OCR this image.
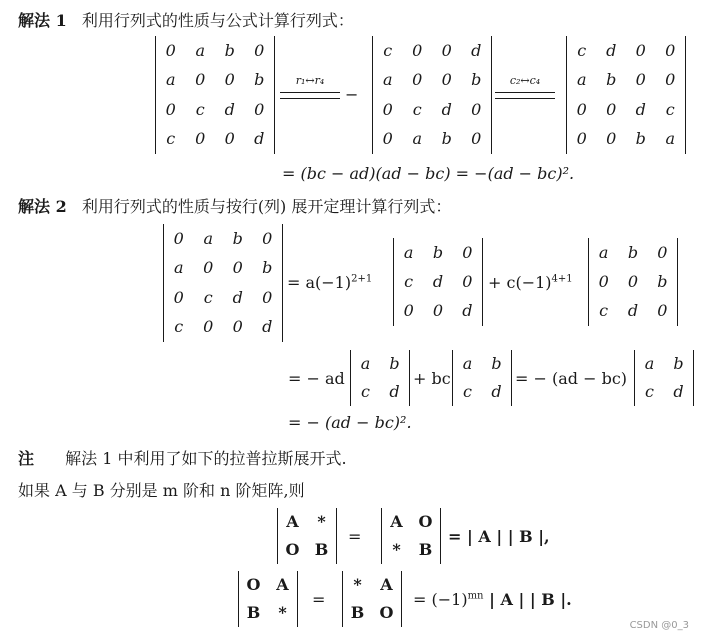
解法 1 利用行列式的性质与公式计算行列式：
0	a	b	0
a	0	0	b
0	c	d	0
c	0	0	d
r₁↔r₄
−
c	0	0	d
a	0	0	b
0	c	d	0
0	a	b	0
c₂↔c₄
c	d	0	0
a	b	0	0
0	0	d	c
0	0	b	a
= (bc − ad)(ad − bc) = −(ad − bc)².
解法 2 利用行列式的性质与按行(列) 展开定理计算行列式：
0	a	b	0
a	0	0	b
0	c	d	0
c	0	0	d
= $a(-1)^{2+1}$
a	b	0
c	d	0
0	0	d
+ $c(-1)^{4+1}$
a	b	0
0	0	b
c	d	0
= − ad
a	b
c	d
+ bc
a	b
c	d
= − (ad − bc)
a	b
c	d
= − (ad − bc)².
注 解法 1 中利用了如下的拉普拉斯展开式.
如果 A 与 B 分别是 m 阶和 n 阶矩阵,则
A	*
O B
=
A O
*	B
= | A | | B |,
O A
B	*
=
*	A
B O
= $(-1)^{mn}$ | A | | B |.
CSDN @0_3
